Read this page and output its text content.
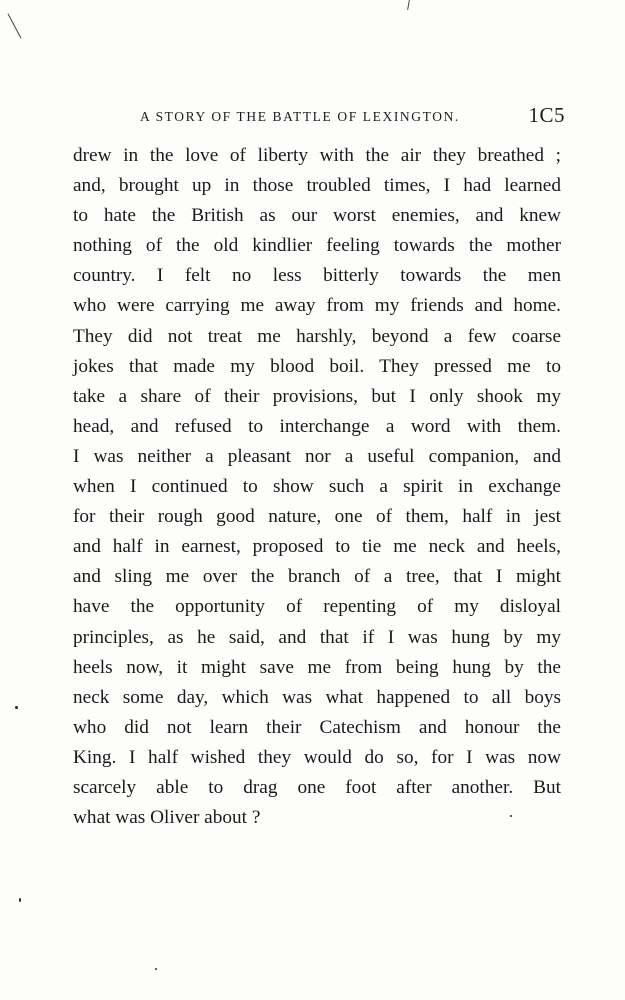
A STORY OF THE BATTLE OF LEXINGTON.	1C5
drew in the love of liberty with the air they breathed ;
and, brought up in those troubled times, I had learned
to hate the British as our worst enemies, and knew
nothing of the old kindlier feeling towards the mother
country. I felt no less bitterly towards the men
who were carrying me away from my friends and home.
They did not treat me harshly, beyond a few coarse
jokes that made my blood boil. They pressed me to
take a share of their provisions, but I only shook my
head, and refused to interchange a word with them.
I was neither a pleasant nor a useful companion, and
when I continued to show such a spirit in exchange
for their rough good nature, one of them, half in jest
and half in earnest, proposed to tie me neck and heels,
and sling me over the branch of a tree, that I might
have the opportunity of repenting of my disloyal
principles, as he said, and that if I was hung by my
heels now, it might save me from being hung by the
neck some day, which was what happened to all boys
who did not learn their Catechism and honour the
King. I half wished they would do so, for I was now
scarcely able to drag one foot after another. But
what was Oliver about ?
